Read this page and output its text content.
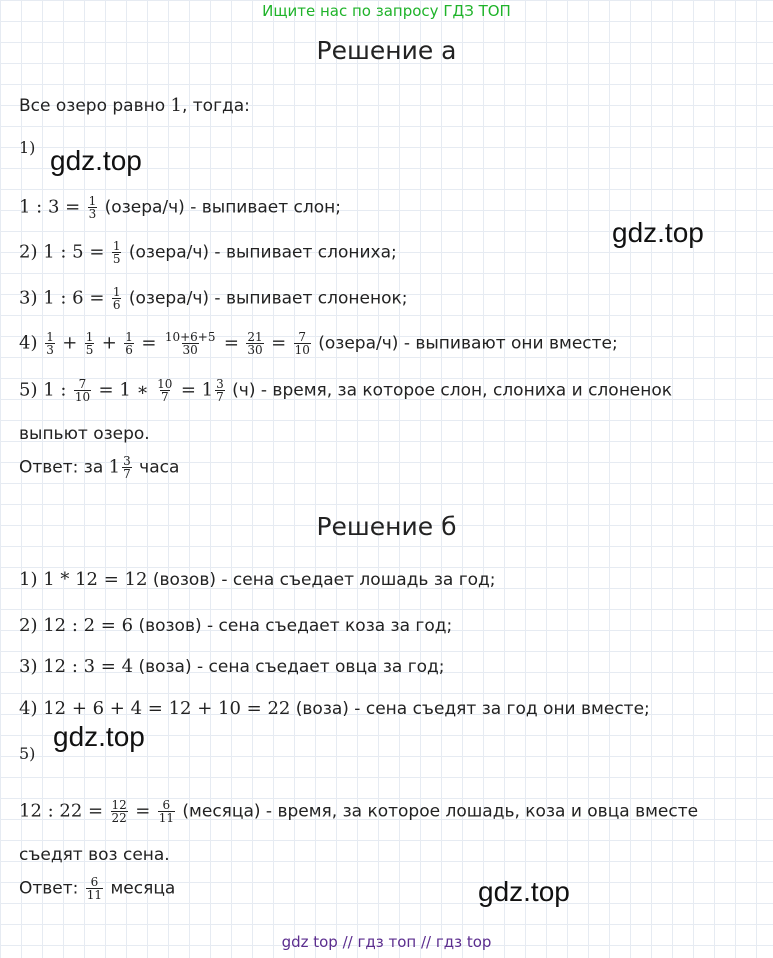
Ищите нас по запросу ГДЗ ТОП
Решение а
Все озеро равно 1, тогда:
1) gdz.top
1 : $3 = \frac{1}{3}$ (озера/ч) - выпивает слон;
gdz.top
2) 1 : $5 = \frac{1}{5}$ (озера/ч) - выпивает слониха;
3) 1 : $6 = \frac{1}{6}$ (озера/ч) - выпивает слоненок;
$4) \frac{1}{3} + \frac{1}{5} + \frac{1}{6} = \frac{10+6+5}{30} = \frac{21}{30} = \frac{7}{10}$ (озера/ч) - выпивают они вместе;
5) 1 : $\frac{7}{10} = 1$ ∗ $\frac{10}{7} = 1 \frac{3}{7} (ч)$ - время, за которое слон, слониха и слоненок
выпьют озеро.
Ответ: за $1 \frac{3}{7}$ часа
Решение б
1) 1 * 12 = 12 (возов) - сена съедает лошадь за год;
2) 12 : 2 = 6 (возов) - сена съедает коза за год;
3) 12 : 3 = 4 (воза) - сена съедает овца за год;
4) 12 + 6 + 4 = 12 + 10 = 22 (воза) - сена съедят за год они вместе;
5)
gdz.top
12 : $22 = \frac{12}{22} = \frac{6}{11}$ (месяца) - время, за которое лошадь, коза и овца вместе
съедят воз сена.
Ответ: $\frac{6}{11}$ месяца	gdz.top
gdz top // гдз топ // гдз top
